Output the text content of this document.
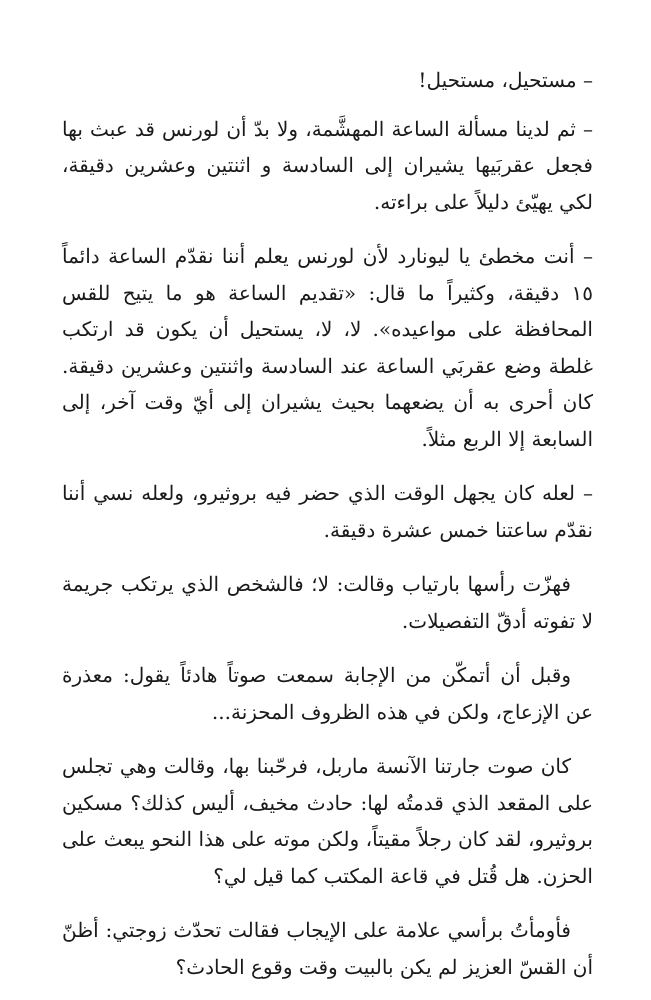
– مستحيل، مستحيل!

– ثم لدينا مسألة الساعة المهشَّمة، ولا بدّ أن لورنس قد عبث بها فجعل عقربَيها يشيران إلى السادسة و اثنتين وعشرين دقيقة، لكي يهيّئ دليلاً على براءته.

– أنت مخطئ يا ليونارد لأن لورنس يعلم أننا نقدّم الساعة دائماً ١٥ دقيقة، وكثيراً ما قال: «تقديم الساعة هو ما يتيح للقس المحافظة على مواعيده». لا، لا، يستحيل أن يكون قد ارتكب غلطة وضع عقربَي الساعة عند السادسة واثنتين وعشرين دقيقة. كان أحرى به أن يضعهما بحيث يشيران إلى أيّ وقت آخر، إلى السابعة إلا الربع مثلاً.

– لعله كان يجهل الوقت الذي حضر فيه بروثيرو، ولعله نسي أننا نقدّم ساعتنا خمس عشرة دقيقة.

فهزّت رأسها بارتياب وقالت: لا؛ فالشخص الذي يرتكب جريمة لا تفوته أدقّ التفصيلات.

وقبل أن أتمكّن من الإجابة سمعت صوتاً هادئاً يقول: معذرة عن الإزعاج، ولكن في هذه الظروف المحزنة...

كان صوت جارتنا الآنسة ماربل، فرحّبنا بها، وقالت وهي تجلس على المقعد الذي قدمتُه لها: حادث مخيف، أليس كذلك؟ مسكين بروثيرو، لقد كان رجلاً مقيتاً، ولكن موته على هذا النحو يبعث على الحزن. هل قُتل في قاعة المكتب كما قيل لي؟

فأومأتُ برأسي علامة على الإيجاب فقالت تحدّث زوجتي: أظنّ أن القسّ العزيز لم يكن بالبيت وقت وقوع الحادث؟
